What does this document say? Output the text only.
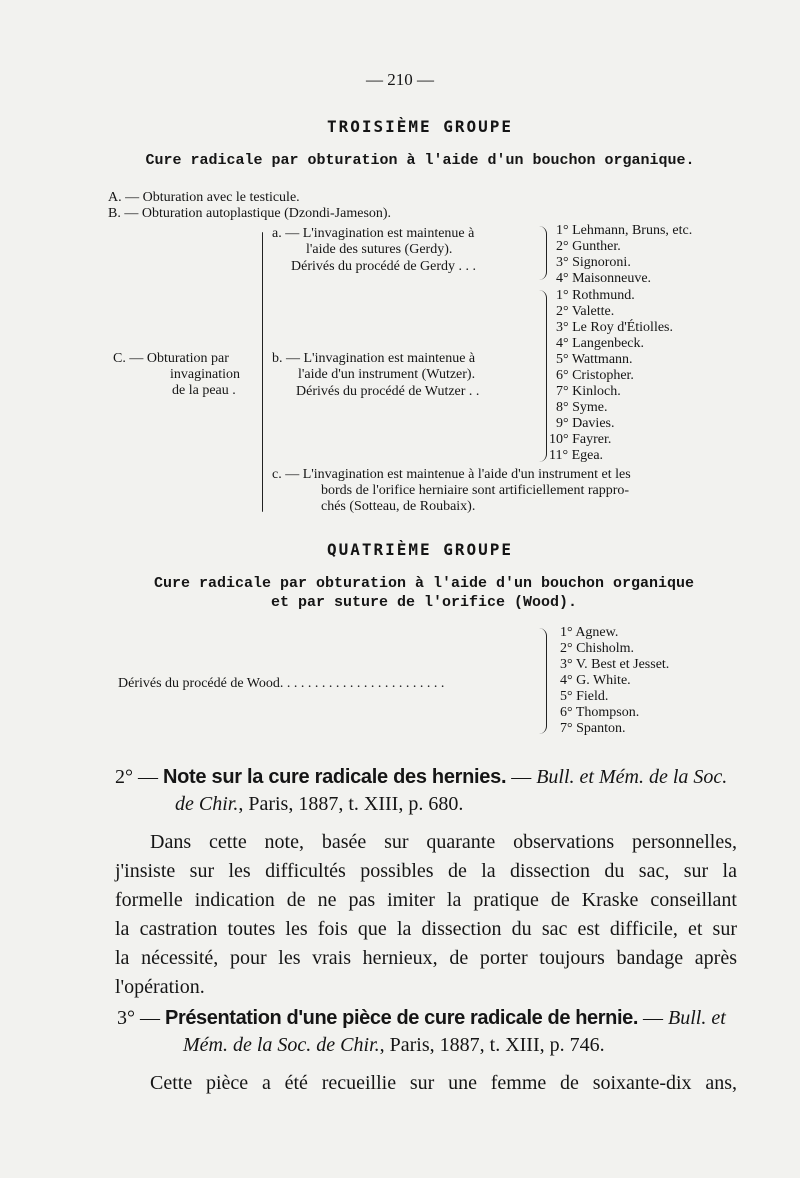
— 210 —
TROISIÈME GROUPE
Cure radicale par obturation à l'aide d'un bouchon organique.
A. — Obturation avec le testicule.
B. — Obturation autoplastique (Dzondi-Jameson).
C. — Obturation par
invagination
de la peau .
a. — L'invagination est maintenue à
l'aide des sutures (Gerdy).
Dérivés du procédé de Gerdy . . .
1° Lehmann, Bruns, etc.
2° Gunther.
3° Signoroni.
4° Maisonneuve.
b. — L'invagination est maintenue à
l'aide d'un instrument (Wutzer).
Dérivés du procédé de Wutzer . .
1° Rothmund.
2° Valette.
3° Le Roy d'Étiolles.
4° Langenbeck.
5° Wattmann.
6° Cristopher.
7° Kinloch.
8° Syme.
9° Davies.
10° Fayrer.
11° Egea.
c. — L'invagination est maintenue à l'aide d'un instrument et les
bords de l'orifice herniaire sont artificiellement rappro-
chés (Sotteau, de Roubaix).
QUATRIÈME GROUPE
Cure radicale par obturation à l'aide d'un bouchon organique
et par suture de l'orifice (Wood).
Dérivés du procédé de Wood. . . . . . . . . . . . . . . . . . . . . . . .
1° Agnew.
2° Chisholm.
3° V. Best et Jesset.
4° G. White.
5° Field.
6° Thompson.
7° Spanton.
2° — Note sur la cure radicale des hernies. — Bull. et Mém. de la Soc.
de Chir., Paris, 1887, t. XIII, p. 680.
Dans cette note, basée sur quarante observations personnelles,
j'insiste sur les difficultés possibles de la dissection du sac, sur la
formelle indication de ne pas imiter la pratique de Kraske conseillant
la castration toutes les fois que la dissection du sac est difficile, et sur
la nécessité, pour les vrais hernieux, de porter toujours bandage après
l'opération.
3° — Présentation d'une pièce de cure radicale de hernie. — Bull. et
Mém. de la Soc. de Chir., Paris, 1887, t. XIII, p. 746.
Cette pièce a été recueillie sur une femme de soixante-dix ans,
